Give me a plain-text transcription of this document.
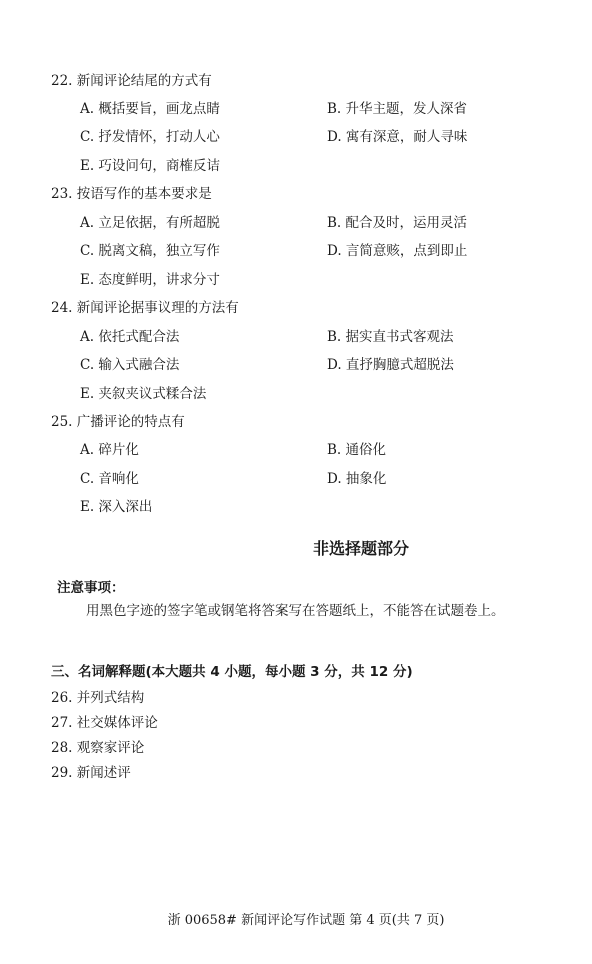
22. 新闻评论结尾的方式有
A. 概括要旨，画龙点睛	B. 升华主题，发人深省
C. 抒发情怀，打动人心	D. 寓有深意，耐人寻味
E. 巧设问句，商榷反诘
23. 按语写作的基本要求是
A. 立足依据，有所超脱	B. 配合及时，运用灵活
C. 脱离文稿，独立写作	D. 言简意赅，点到即止
E. 态度鲜明，讲求分寸
24. 新闻评论据事议理的方法有
A. 依托式配合法	B. 据实直书式客观法
C. 输入式融合法	D. 直抒胸臆式超脱法
E. 夹叙夹议式糅合法
25. 广播评论的特点有
A. 碎片化	B. 通俗化
C. 音响化	D. 抽象化
E. 深入深出
非选择题部分
注意事项：
用黑色字迹的签字笔或钢笔将答案写在答题纸上，不能答在试题卷上。
三、名词解释题(本大题共 4 小题，每小题 3 分，共 12 分)
26. 并列式结构
27. 社交媒体评论
28. 观察家评论
29. 新闻述评
浙 00658# 新闻评论写作试题 第 4 页(共 7 页)
